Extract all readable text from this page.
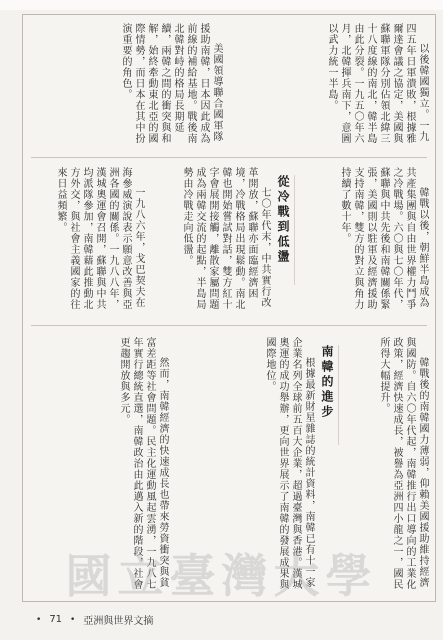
以後韓國獨立。一九四五年日軍潰敗，根據雅爾達會議之協定，美國與蘇聯軍隊分別佔領北緯三十八度線的南北，韓半島由此分裂。一九五〇年六月，北韓揮兵南下，意圖以武力統一半島。

美國領導聯合國軍隊援助南韓，日本因此成為前線的補給基地。戰後南北韓對峙的格局長期延續，兩韓之間的衝突與和解，始終牽動東北亞的國際情勢，而日本在其中扮演重要的角色。

韓戰以後，朝鮮半島成為共產集團與自由世界權力鬥爭之冷戰場。六〇與七〇年代，蘇聯與中共先後和南韓關係緊張，美國則以駐軍及經濟援助支持南韓，雙方的對立與角力持續了數十年。

從冷戰到低盪

七〇年代末，中共實行改革開放，蘇聯亦面臨經濟困境，冷戰格局出現鬆動。南北韓也開始嘗試對話，雙方紅十字會展開接觸，離散家屬問題成為兩韓交流的起點，半島局勢由冷戰走向低盪。

一九八六年，戈巴契夫在海參威演說表示願意改善與亞洲各國的關係。一九八八年，漢城奧運會召開，蘇聯與中共均派隊參加，南韓藉此推動北方外交，與社會主義國家的往來日益頻繁。

韓戰後的南韓國力薄弱，仰賴美國援助維持經濟與國防。自六〇年代起，南韓推行出口導向的工業化政策，經濟快速成長，被譽為亞洲四小龍之一，國民所得大幅提升。

南韓的進步

根據最新財星雜誌的統計資料，南韓已有十一家企業名列全球前五百大企業，超過臺灣與香港。漢城奧運的成功舉辦，更向世界展示了南韓的發展成果與國際地位。

然而，南韓經濟的快速成長也帶來勞資衝突與貧富差距等社會問題。民主化運動風起雲湧，一九八七年實行總統直選，南韓政治由此邁入新的階段，社會更趨開放與多元。

國立臺灣大學
• 71 • 亞洲與世界文摘
